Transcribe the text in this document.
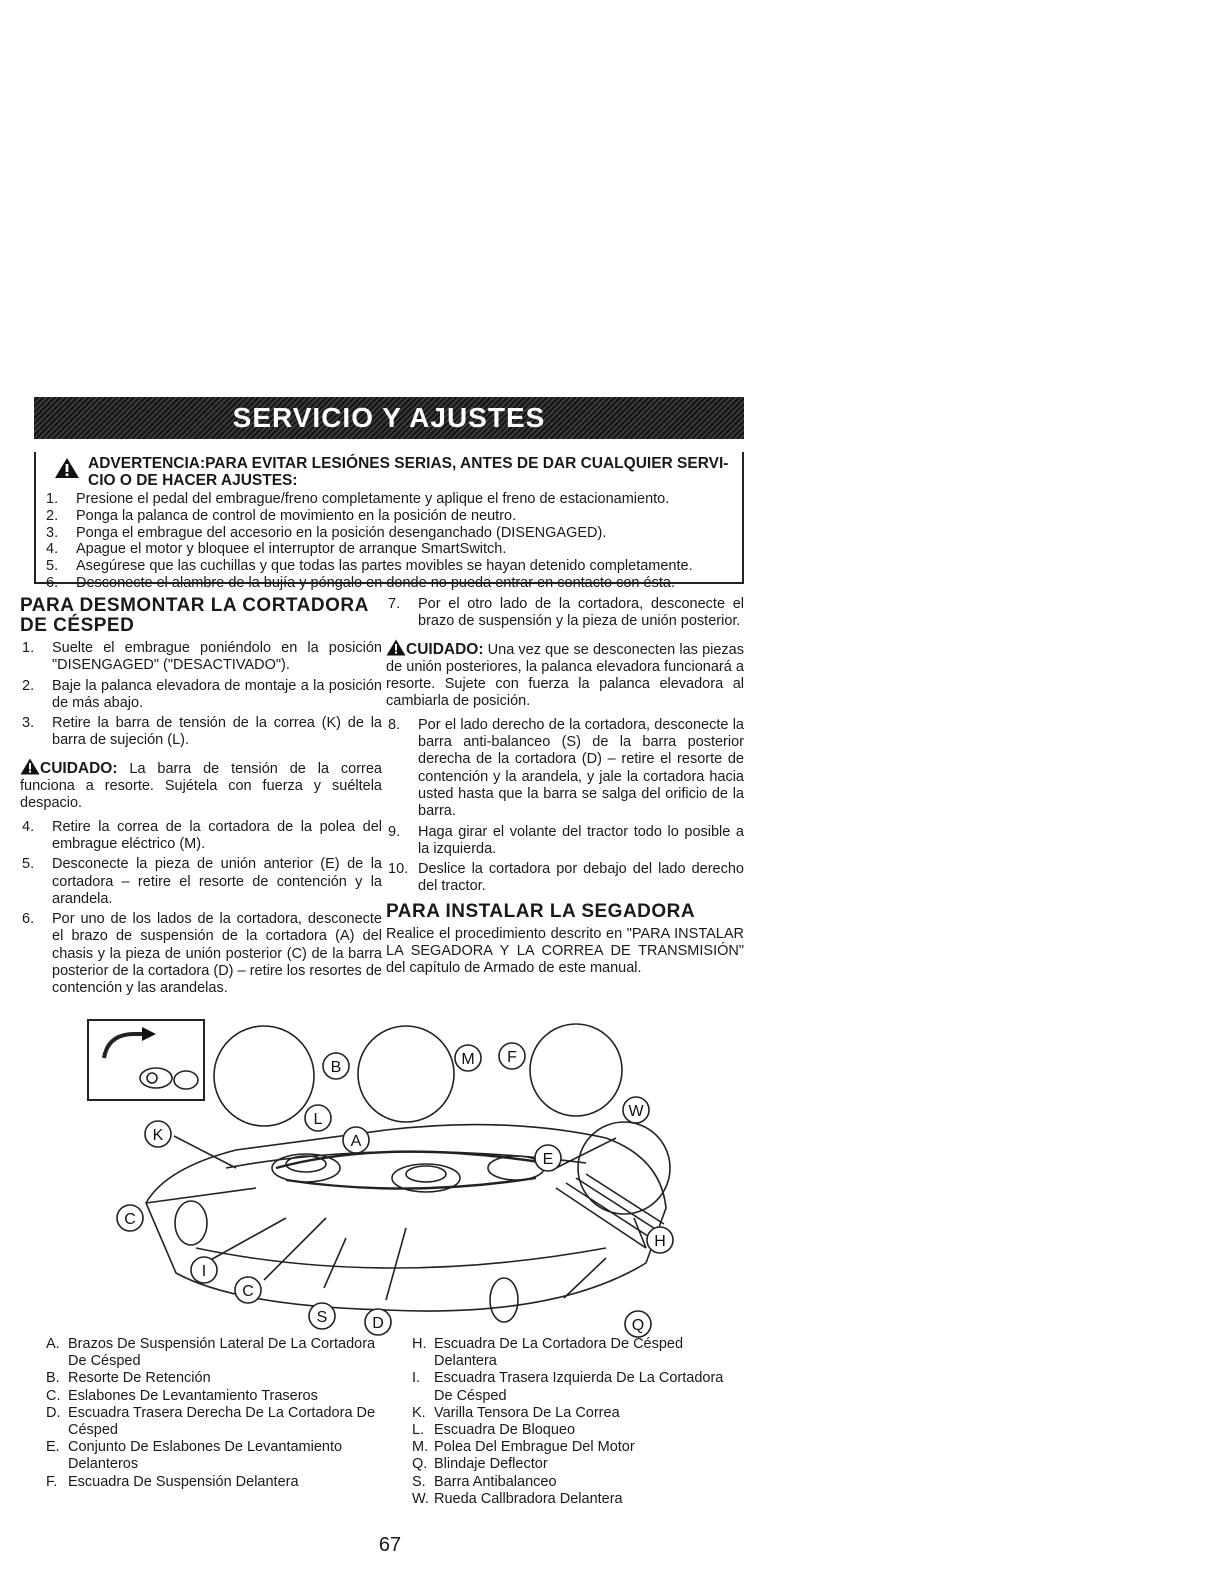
SERVICIO Y AJUSTES
ADVERTENCIA:PARA EVITAR LESIÓNES SERIAS, ANTES DE DAR CUALQUIER SERVI-
CIO O DE HACER AJUSTES:
1. Presione el pedal del embrague/freno completamente y aplique el freno de estacionamiento.
2. Ponga la palanca de control de movimiento en la posición de neutro.
3. Ponga el embrague del accesorio en la posición desenganchado (DISENGAGED).
4. Apague el motor y bloquee el interruptor de arranque SmartSwitch.
5. Asegúrese que las cuchillas y que todas las partes movibles se hayan detenido completamente.
6. Desconecte el alambre de la bujía y póngalo en donde no pueda entrar en contacto con ésta.
PARA DESMONTAR LA CORTADORA DE CÉSPED
1. Suelte el embrague poniéndolo en la posición "DISENGAGED" ("DESACTIVADO").
2. Baje la palanca elevadora de montaje a la posición de más abajo.
3. Retire la barra de tensión de la correa (K) de la barra de sujeción (L).
CUIDADO: La barra de tensión de la correa funciona a resorte. Sujétela con fuerza y suéltela despacio.
4. Retire la correa de la cortadora de la polea del embrague eléctrico (M).
5. Desconecte la pieza de unión anterior (E) de la cortadora – retire el resorte de contención y la arandela.
6. Por uno de los lados de la cortadora, desconecte el brazo de suspensión de la cortadora (A) del chasis y la pieza de unión posterior (C) de la barra posterior de la cortadora (D) – retire los resortes de contención y las arandelas.
7. Por el otro lado de la cortadora, desconecte el brazo de suspensión y la pieza de unión posterior.
CUIDADO: Una vez que se desconecten las piezas de unión posteriores, la palanca elevadora funcionará a resorte. Sujete con fuerza la palanca elevadora al cambiarla de posición.
8. Por el lado derecho de la cortadora, desconecte la barra anti-balanceo (S) de la barra posterior derecha de la cortadora (D) – retire el resorte de contención y la arandela, y jale la cortadora hacia usted hasta que la barra se salga del orificio de la barra.
9. Haga girar el volante del tractor todo lo posible a la izquierda.
10. Deslice la cortadora por debajo del lado derecho del tractor.
PARA INSTALAR LA SEGADORA

Realice el procedimiento descrito en "PARA INSTALAR LA SEGADORA Y LA CORREA DE TRANSMISIÓN" del capítulo de Armado de este manual.

B
L
A
M F
W
K
E
C
H
I
C
S	D	Q
A. Brazos De Suspensión Lateral De La Cortadora De Césped
B. Resorte De Retención
C. Eslabones De Levantamiento Traseros
D. Escuadra Trasera Derecha De La Cortadora De Césped
E. Conjunto De Eslabones De Levantamiento Delanteros
F. Escuadra De Suspensión Delantera
H. Escuadra De La Cortadora De Césped Delantera
I. Escuadra Trasera Izquierda De La Cortadora De Césped
K. Varilla Tensora De La Correa
L. Escuadra De Bloqueo
M. Polea Del Embrague Del Motor
Q. Blindaje Deflector
S. Barra Antibalanceo
W. Rueda Callbradora Delantera
67
